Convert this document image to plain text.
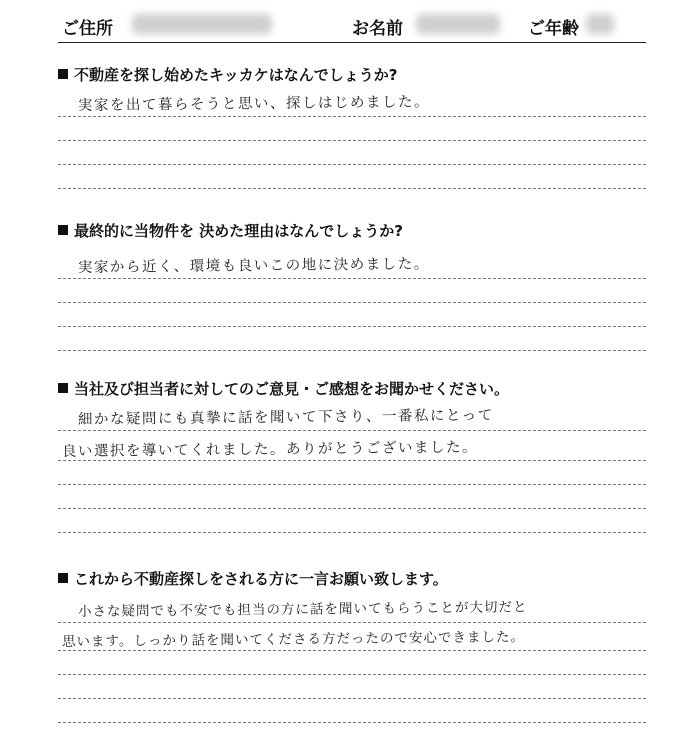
ご住所	お名前	ご年齢
不動産を探し始めたキッカケはなんでしょうか?
実家を出て暮らそうと思い、探しはじめました。
最終的に当物件を 決めた理由はなんでしょうか?
実家から近く、環境も良いこの地に決めました。
当社及び担当者に対してのご意見・ご感想をお聞かせください。
細かな疑問にも真摯に話を聞いて下さり、一番私にとって
良い選択を導いてくれました。ありがとうございました。
これから不動産探しをされる方に一言お願い致します。
小さな疑問でも不安でも担当の方に話を聞いてもらうことが大切だと
思います。しっかり話を聞いてくださる方だったので安心できました。
